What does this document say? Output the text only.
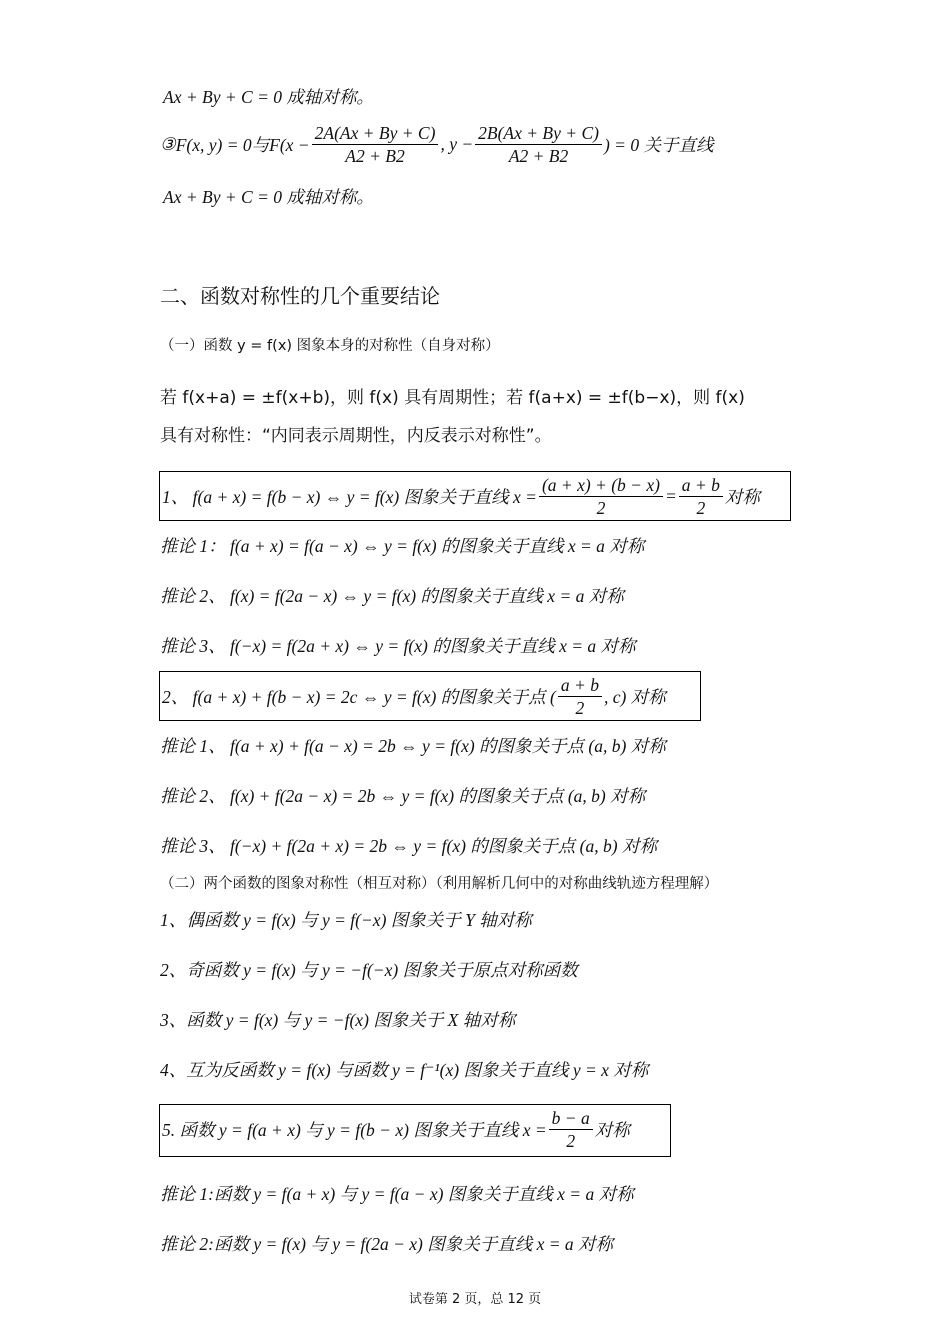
Ax + By + C = 0 成轴对称。
③ F(x, y) = 0与$F(x - \frac{2A(Ax + By + C)}{A2 + B2}$ , $y - \frac{2B(Ax + By + C)}{A2 + B2}$ ) = 0 关于直线
Ax + By + C = 0 成轴对称。
二、函数对称性的几个重要结论
（一）函数 y = f(x) 图象本身的对称性（自身对称）
若 f(x+a) = ±f(x+b)，则 f(x) 具有周期性；若 f(a+x) = ±f(b−x)，则 f(x)
具有对称性：“内同表示周期性，内反表示对称性”。
1、 f(a + x) = f(b − x) ⇔ y = f(x) 图象关于直线 $x = \frac{(a + x) + (b - x)}{2} = \frac{a + b}{2}$ 对称
推论 1： f(a + x) = f(a − x) ⇔ y = f(x) 的图象关于直线 x = a 对称
推论 2、 f(x) = f(2a − x) ⇔ y = f(x) 的图象关于直线 x = a 对称
推论 3、 f(−x) = f(2a + x) ⇔ y = f(x) 的图象关于直线 x = a 对称
2、 f(a + x) + f(b − x) = 2c ⇔ y = f(x) 的图象关于点 ( $\frac{a + b}{2}$ , c) 对称
推论 1、 f(a + x) + f(a − x) = 2b ⇔ y = f(x) 的图象关于点 (a, b) 对称
推论 2、 f(x) + f(2a − x) = 2b ⇔ y = f(x) 的图象关于点 (a, b) 对称
推论 3、 f(−x) + f(2a + x) = 2b ⇔ y = f(x) 的图象关于点 (a, b) 对称
（二）两个函数的图象对称性（相互对称）（利用解析几何中的对称曲线轨迹方程理解）
1、偶函数 y = f(x) 与 y = f(−x) 图象关于 Y 轴对称
2、奇函数 y = f(x) 与 y = −f(−x) 图象关于原点对称函数
3、函数 y = f(x) 与 y = −f(x) 图象关于 X 轴对称
4、互为反函数 y = f(x) 与函数 y = f⁻¹(x) 图象关于直线 y = x 对称
5. 函数 y = f(a + x) 与 y = f(b − x) 图象关于直线 $x = \frac{b - a}{2}$ 对称
推论 1:函数 y = f(a + x) 与 y = f(a − x) 图象关于直线 x = a 对称
推论 2:函数 y = f(x) 与 y = f(2a − x) 图象关于直线 x = a 对称
试卷第 2 页，总 12 页
